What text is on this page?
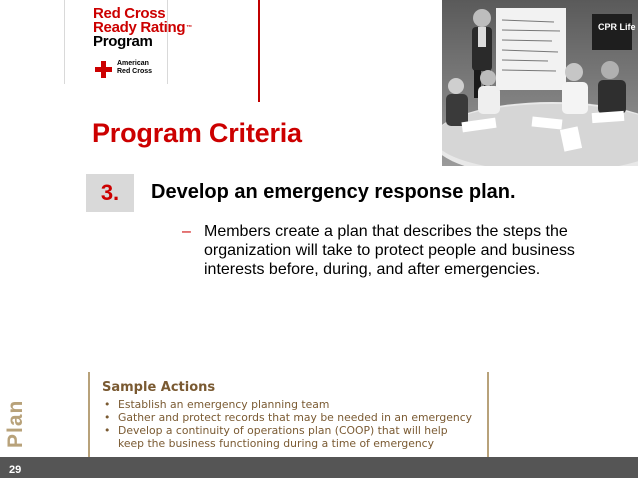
Red Cross
Ready Rating™
Program
American
Red Cross
CPR Life
Program Criteria
3.	Develop an emergency response plan.
– Members create a plan that describes the steps the organization will take to protect people and business interests before, during, and after emergencies.
Plan
Sample Actions
• Establish an emergency planning team
• Gather and protect records that may be needed in an emergency
• Develop a continuity of operations plan (COOP) that will help keep the business functioning during a time of emergency
29
